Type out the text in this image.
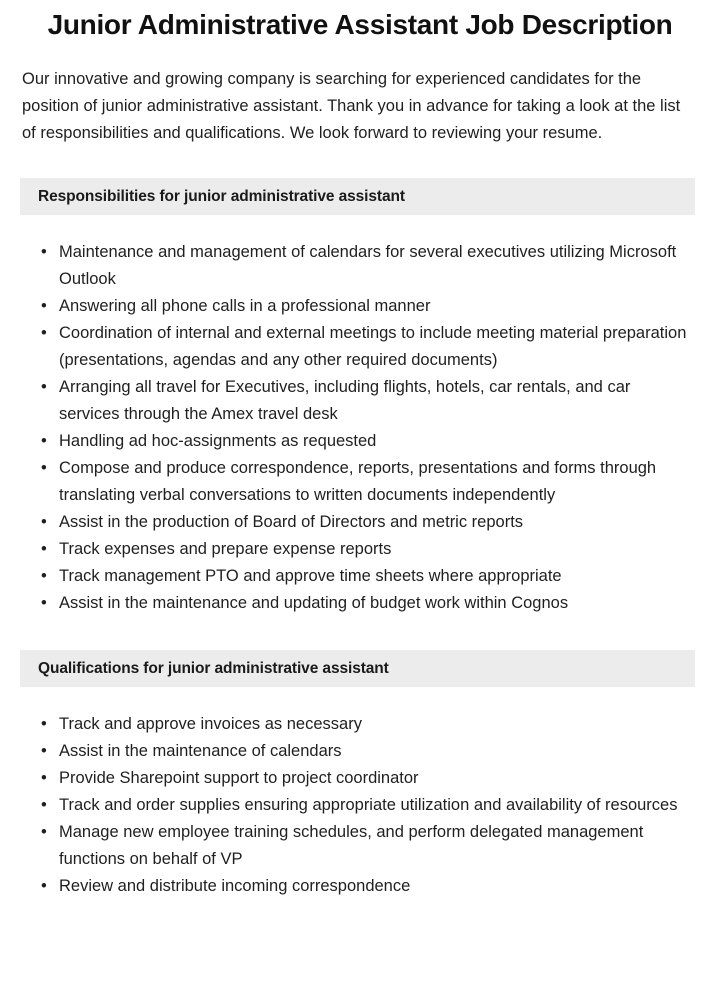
Junior Administrative Assistant Job Description

Our innovative and growing company is searching for experienced candidates for the position of junior administrative assistant. Thank you in advance for taking a look at the list of responsibilities and qualifications. We look forward to reviewing your resume.

Responsibilities for junior administrative assistant
• Maintenance and management of calendars for several executives utilizing Microsoft Outlook
• Answering all phone calls in a professional manner
• Coordination of internal and external meetings to include meeting material preparation (presentations, agendas and any other required documents)
• Arranging all travel for Executives, including flights, hotels, car rentals, and car services through the Amex travel desk
• Handling ad hoc-assignments as requested
• Compose and produce correspondence, reports, presentations and forms through translating verbal conversations to written documents independently
• Assist in the production of Board of Directors and metric reports
• Track expenses and prepare expense reports
• Track management PTO and approve time sheets where appropriate
• Assist in the maintenance and updating of budget work within Cognos
Qualifications for junior administrative assistant
• Track and approve invoices as necessary
• Assist in the maintenance of calendars
• Provide Sharepoint support to project coordinator
• Track and order supplies ensuring appropriate utilization and availability of resources
• Manage new employee training schedules, and perform delegated management functions on behalf of VP
• Review and distribute incoming correspondence
